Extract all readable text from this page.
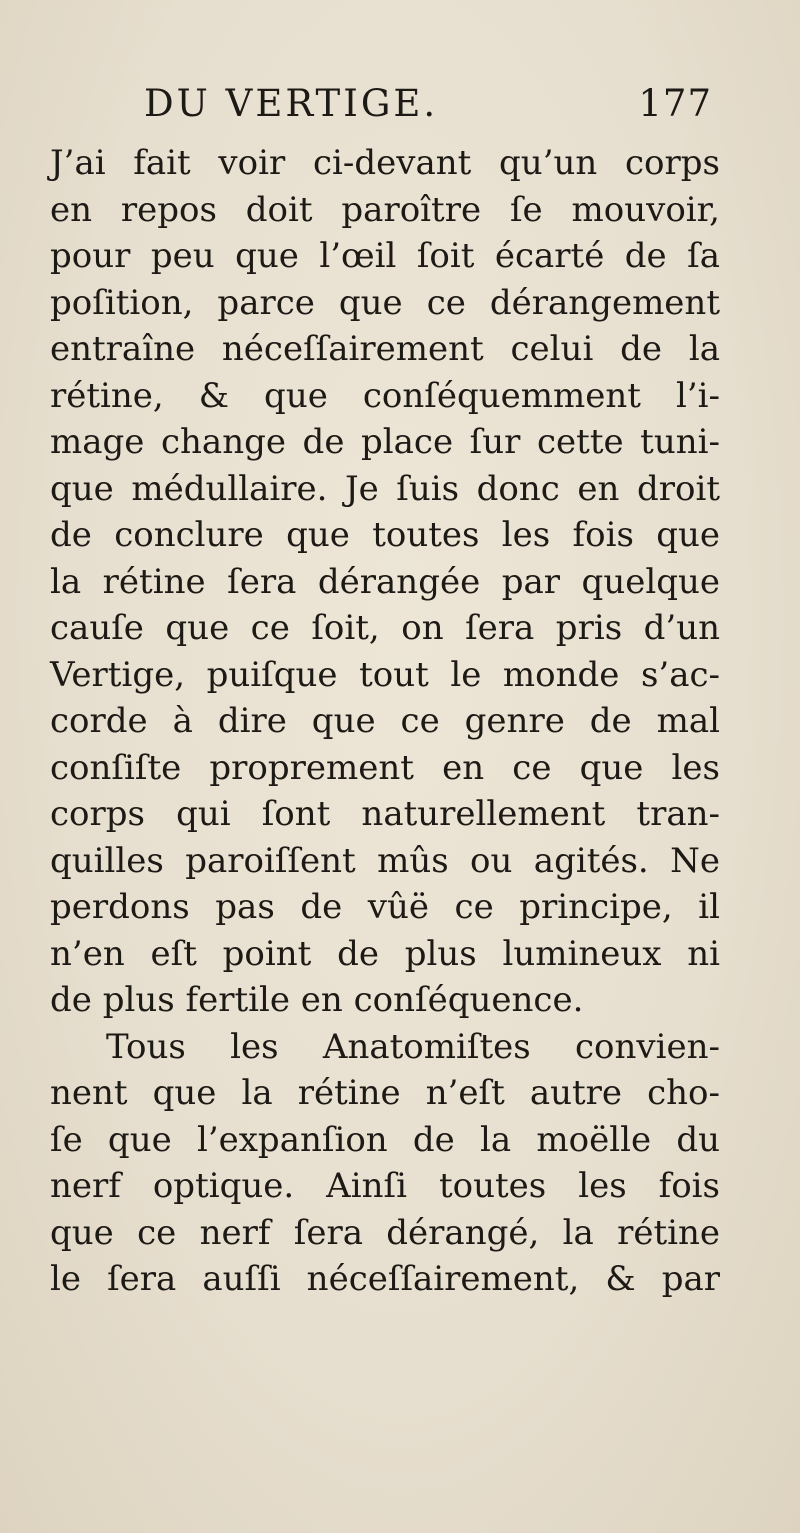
DU VERTIGE.	177
J’ai fait voir ci-devant qu’un corps
en repos doit paroître ſe mouvoir,
pour peu que l’œil ſoit écarté de ſa
poſition, parce que ce dérangement
entraîne néceſſairement celui de la
rétine, & que conſéquemment l’i-
mage change de place ſur cette tuni-
que médullaire. Je ſuis donc en droit
de conclure que toutes les fois que
la rétine ſera dérangée par quelque
cauſe que ce ſoit, on ſera pris d’un
Vertige, puiſque tout le monde s’ac-
corde à dire que ce genre de mal
conſiſte proprement en ce que les
corps qui ſont naturellement tran-
quilles paroiſſent mûs ou agités. Ne
perdons pas de vûë ce principe, il
n’en eſt point de plus lumineux ni
de plus fertile en conſéquence.
Tous les Anatomiſtes convien-
nent que la rétine n’eſt autre cho-
ſe que l’expanſion de la moëlle du
nerf optique. Ainſi toutes les fois
que ce nerf ſera dérangé, la rétine
le ſera auſſi néceſſairement, & par
